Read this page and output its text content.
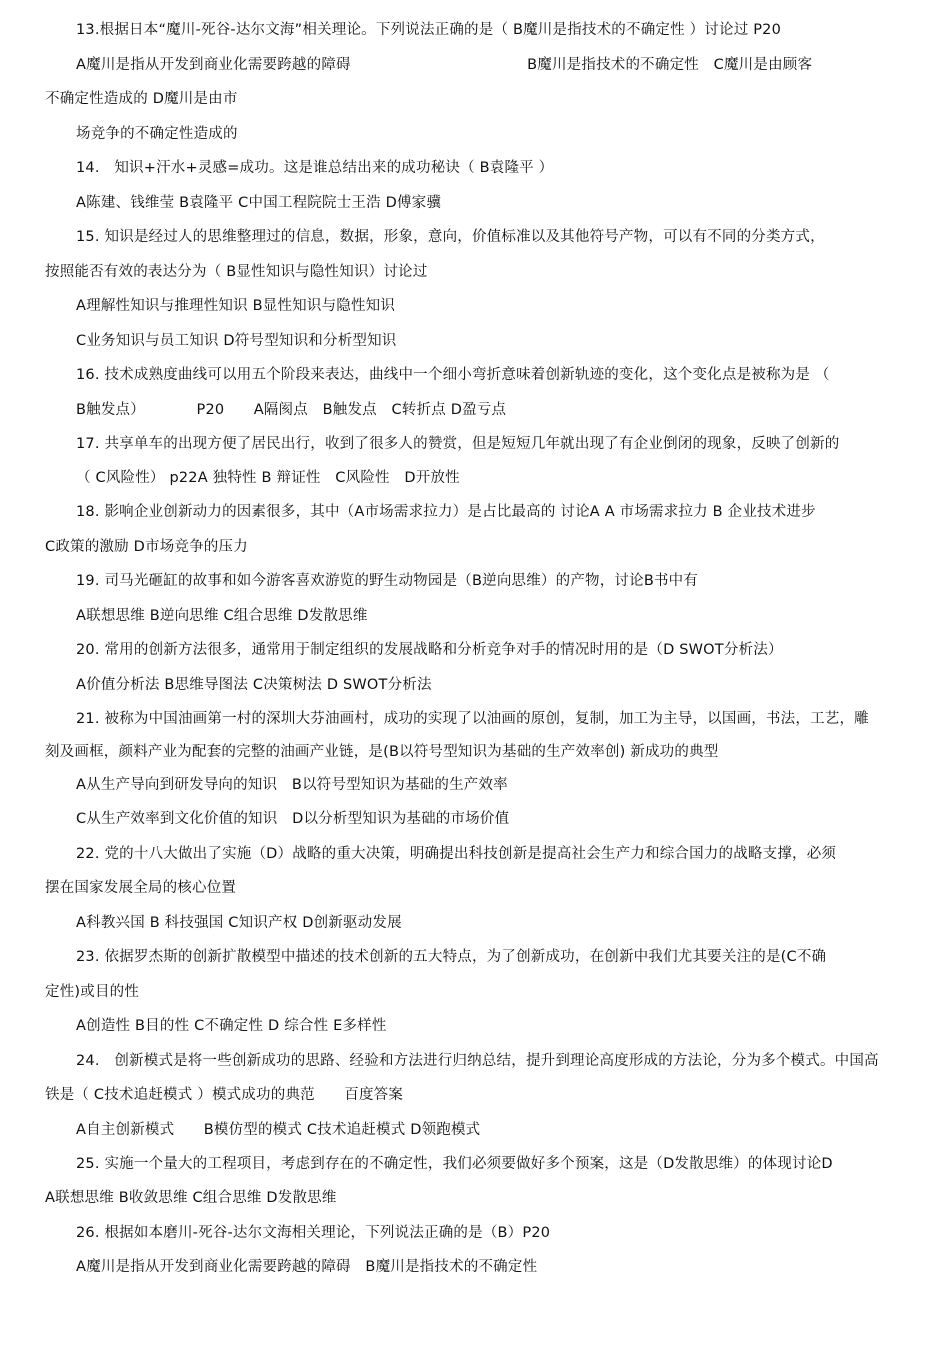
13.根据日本“魔川-死谷-达尔文海”相关理论。下列说法正确的是（ B魔川是指技术的不确定性 ）讨论过 P20
A魔川是指从开发到商业化需要跨越的障碍　　　　　　　　　　　　B魔川是指技术的不确定性　C魔川是由顾客
不确定性造成的 D魔川是由市
场竞争的不确定性造成的
14.　知识+汗水+灵感=成功。这是谁总结出来的成功秘诀（ B袁隆平 ）
A陈建、钱维莹 B袁隆平 C中国工程院院士王浩 D傅家骥
15. 知识是经过人的思维整理过的信息，数据，形象，意向，价值标准以及其他符号产物，可以有不同的分类方式，
按照能否有效的表达分为（ B显性知识与隐性知识）讨论过
A理解性知识与推理性知识 B显性知识与隐性知识
C业务知识与员工知识 D符号型知识和分析型知识
16. 技术成熟度曲线可以用五个阶段来表达，曲线中一个细小弯折意味着创新轨迹的变化，这个变化点是被称为是 （
B触发点）　　　　P20　　A隔阂点　B触发点　C转折点 D盈亏点
17. 共享单车的出现方便了居民出行，收到了很多人的赞赏，但是短短几年就出现了有企业倒闭的现象，反映了创新的
（ C风险性） p22A 独特性 B 辩证性　C风险性　D开放性
18. 影响企业创新动力的因素很多，其中（A市场需求拉力）是占比最高的 讨论A A 市场需求拉力 B 企业技术进步
C政策的激励 D市场竞争的压力
19. 司马光砸缸的故事和如今游客喜欢游览的野生动物园是（B逆向思维）的产物，讨论B书中有
A联想思维 B逆向思维 C组合思维 D发散思维
20. 常用的创新方法很多，通常用于制定组织的发展战略和分析竞争对手的情况时用的是（D SWOT分析法）
A价值分析法 B思维导图法 C决策树法 D SWOT分析法
21. 被称为中国油画第一村的深圳大芬油画村，成功的实现了以油画的原创，复制，加工为主导，以国画，书法，工艺，雕
刻及画框，颜料产业为配套的完整的油画产业链，是(B以符号型知识为基础的生产效率创) 新成功的典型
A从生产导向到研发导向的知识　B以符号型知识为基础的生产效率
C从生产效率到文化价值的知识　D以分析型知识为基础的市场价值
22. 党的十八大做出了实施（D）战略的重大决策，明确提出科技创新是提高社会生产力和综合国力的战略支撑，必须
摆在国家发展全局的核心位置
A科教兴国 B 科技强国 C知识产权 D创新驱动发展
23. 依据罗杰斯的创新扩散模型中描述的技术创新的五大特点，为了创新成功，在创新中我们尤其要关注的是(C不确
定性)或目的性
A创造性 B目的性 C不确定性 D 综合性 E多样性
24.　创新模式是将一些创新成功的思路、经验和方法进行归纳总结，提升到理论高度形成的方法论，分为多个模式。中国高
铁是（ C技术追赶模式 ）模式成功的典范　　百度答案
A自主创新模式　　B模仿型的模式 C技术追赶模式 D领跑模式
25. 实施一个量大的工程项目，考虑到存在的不确定性，我们必须要做好多个预案，这是（D发散思维）的体现讨论D
A联想思维 B收敛思维 C组合思维 D发散思维
26. 根据如本磨川-死谷-达尔文海相关理论，下列说法正确的是（B）P20
A魔川是指从开发到商业化需要跨越的障碍　B魔川是指技术的不确定性
